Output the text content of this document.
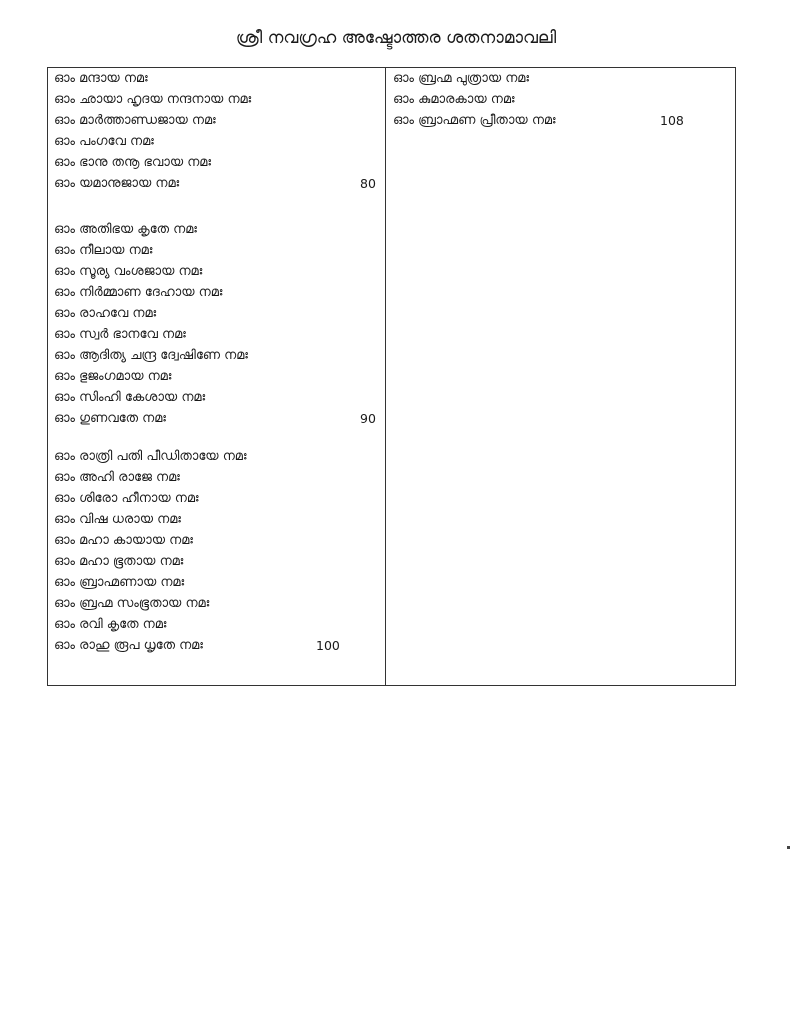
ശ്രീ നവഗ്രഹ അഷ്ടോത്തര ശതനാമാവലി
ഓം മന്ദായ നമഃ
ഓം ഛായാ ഹൃദയ നന്ദനായ നമഃ
ഓം മാർത്താണ്ഡജായ നമഃ
ഓം പംഗവേ നമഃ
ഓം ഭാനു തനൂ ഭവായ നമഃ
ഓം യമാനുജായ നമഃ	80
ഓം അതിഭയ കൃതേ നമഃ
ഓം നീലായ നമഃ
ഓം സൂര്യ വംശജായ നമഃ
ഓം നിർമ്മാണ ദേഹായ നമഃ
ഓം രാഹവേ നമഃ
ഓം സ്വർ ഭാനവേ നമഃ
ഓം ആദിത്യ ചന്ദ്ര ദ്വേഷിണേ നമഃ
ഓം ഭുജംഗമായ നമഃ
ഓം സിംഹി കേശായ നമഃ
ഓം ഗുണവതേ നമഃ	90
ഓം രാത്രി പതി പീഡിതായേ നമഃ
ഓം അഹി രാജേ നമഃ
ഓം ശിരോ ഹീനായ നമഃ
ഓം വിഷ ധരായ നമഃ
ഓം മഹാ കായായ നമഃ
ഓം മഹാ ഭൂതായ നമഃ
ഓം ബ്രാഹ്മണായ നമഃ
ഓം ബ്രഹ്മ സംഭൂതായ നമഃ
ഓം രവി കൃതേ നമഃ
ഓം രാഹു രൂപ ധൃതേ നമഃ	100
ഓം ബ്രഹ്മ പുത്രായ നമഃ
ഓം കുമാരകായ നമഃ
ഓം ബ്രാഹ്മണ പ്രീതായ നമഃ	108
